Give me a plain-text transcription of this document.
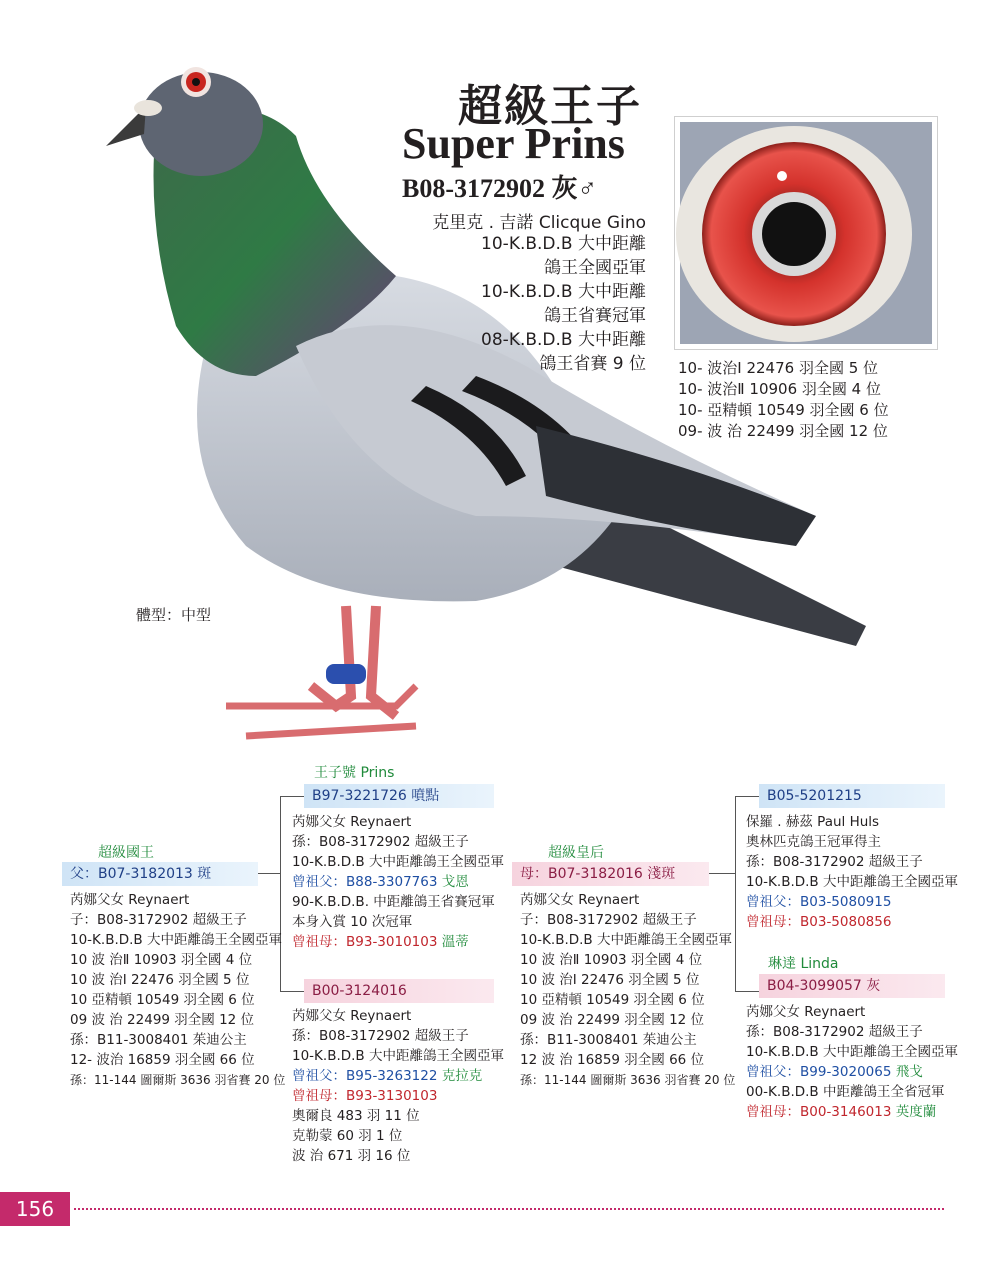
超級王子
Super Prins
B08-3172902 灰♂
克里克 . 吉諾 Clicque Gino
10-K.B.D.B 大中距離
鴿王全國亞軍
10-K.B.D.B 大中距離
鴿王省賽冠軍
08-K.B.D.B 大中距離
鴿王省賽 9 位 10- 波治Ⅰ 22476 羽全國 5 位
10- 波治Ⅱ 10906 羽全國 4 位
10- 亞精頓 10549 羽全國 6 位
09- 波 治 22499 羽全國 12 位
體型：中型
超級國王
父：B07-3182013 斑
芮娜父女 Reynaert
子：B08-3172902 超級王子
10-K.B.D.B 大中距離鴿王全國亞軍
10 波 治Ⅱ 10903 羽全國 4 位
10 波 治Ⅰ 22476 羽全國 5 位
10 亞精頓 10549 羽全國 6 位
09 波 治 22499 羽全國 12 位
孫：B11-3008401 茱迪公主
12- 波治 16859 羽全國 66 位
孫：11-144 圖爾斯 3636 羽省賽 20 位
王子號 Prins
B97-3221726 噴點
芮娜父女 Reynaert
孫：B08-3172902 超級王子
10-K.B.D.B 大中距離鴿王全國亞軍
曾祖父：B88-3307763 戈恩
90-K.B.D.B. 中距離鴿王省賽冠軍
本身入賞 10 次冠軍
曾祖母：B93-3010103 溫蒂
B00-3124016
芮娜父女 Reynaert
孫：B08-3172902 超級王子
10-K.B.D.B 大中距離鴿王全國亞軍
曾祖父：B95-3263122 克拉克
曾祖母：B93-3130103
奧爾良 483 羽 11 位
克勒蒙 60 羽 1 位
波 治 671 羽 16 位
超級皇后
母：B07-3182016 淺斑
芮娜父女 Reynaert
子：B08-3172902 超級王子
10-K.B.D.B 大中距離鴿王全國亞軍
10 波 治Ⅱ 10903 羽全國 4 位
10 波 治Ⅰ 22476 羽全國 5 位
10 亞精頓 10549 羽全國 6 位
09 波 治 22499 羽全國 12 位
孫：B11-3008401 茱迪公主
12 波 治 16859 羽全國 66 位
孫：11-144 圖爾斯 3636 羽省賽 20 位
B05-5201215
保羅 . 赫茲 Paul Huls
奧林匹克鴿王冠軍得主
孫：B08-3172902 超級王子
10-K.B.D.B 大中距離鴿王全國亞軍
曾祖父：B03-5080915
曾祖母：B03-5080856
琳達 Linda
B04-3099057 灰
芮娜父女 Reynaert
孫：B08-3172902 超級王子
10-K.B.D.B 大中距離鴿王全國亞軍
曾祖父：B99-3020065 飛戈
00-K.B.D.B 中距離鴿王全省冠軍
曾祖母：B00-3146013 英度蘭
156
